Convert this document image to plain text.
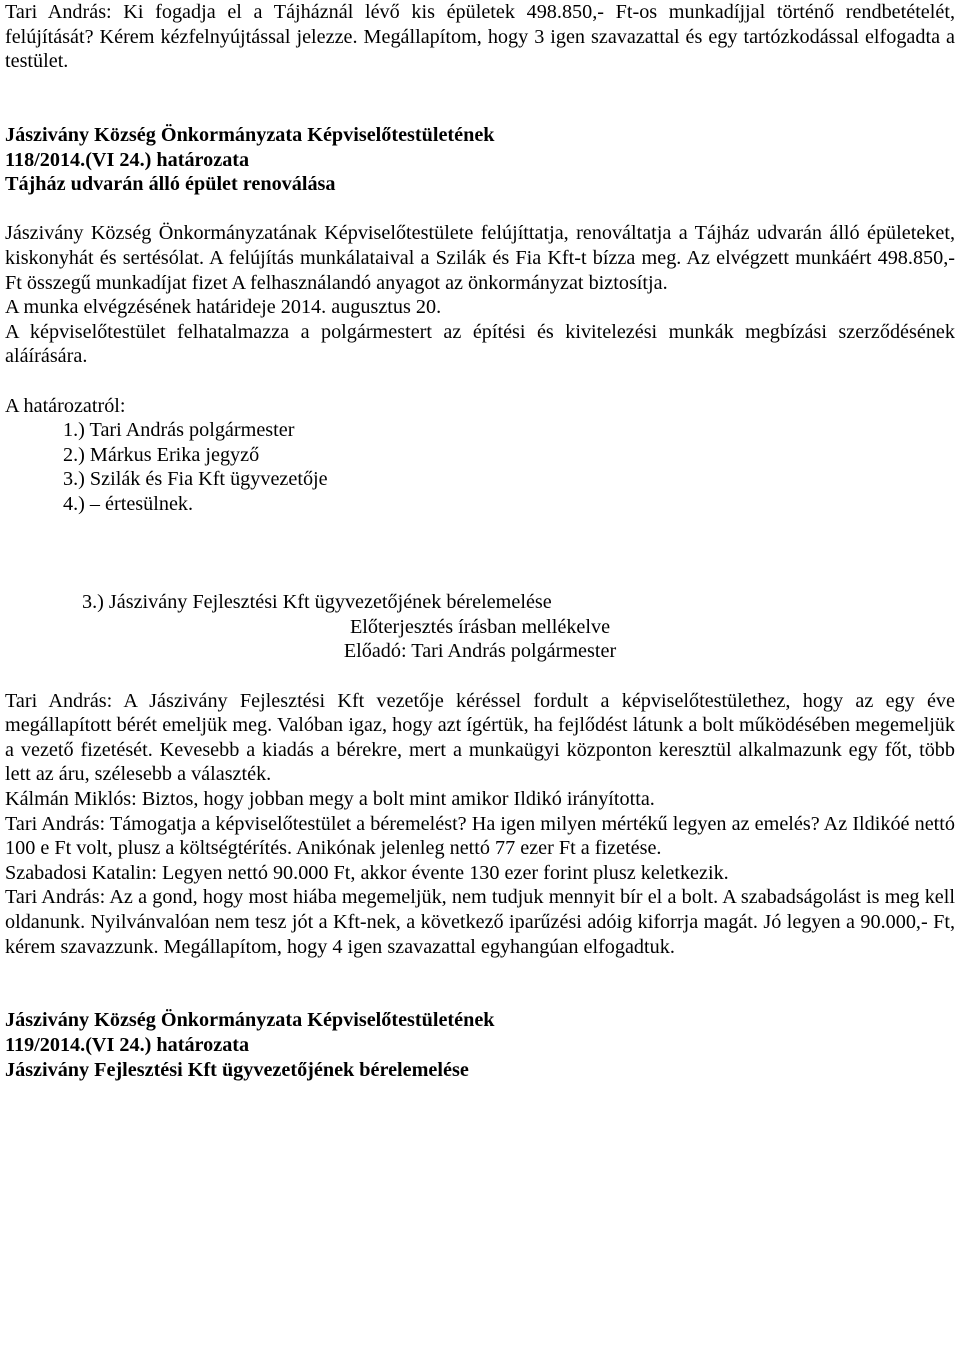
Tari András: Ki fogadja el a Tájháznál lévő kis épületek 498.850,- Ft-os munkadíjjal történő rendbetételét, felújítását? Kérem kézfelnyújtással jelezze. Megállapítom, hogy 3 igen szavazattal és egy tartózkodással elfogadta a testület.

Jászivány Község Önkormányzata Képviselőtestületének

118/2014.(VI 24.) határozata

Tájház udvarán álló épület renoválása

Jászivány Község Önkormányzatának Képviselőtestülete felújíttatja, renováltatja a Tájház udvarán álló épületeket, kiskonyhát és sertésólat. A felújítás munkálataival a Szilák és Fia Kft-t bízza meg. Az elvégzett munkáért 498.850,- Ft összegű munkadíjat fizet A felhasználandó anyagot az önkormányzat biztosítja.

A munka elvégzésének határideje 2014. augusztus 20.

A képviselőtestület felhatalmazza a polgármestert az építési és kivitelezési munkák megbízási szerződésének aláírására.

A határozatról:

1.) Tari András polgármester
2.) Márkus Erika jegyző
3.) Szilák és Fia Kft ügyvezetője
4.) – értesülnek.

3.) Jászivány Fejlesztési Kft ügyvezetőjének bérelemelése

Előterjesztés írásban mellékelve

Előadó: Tari András polgármester

Tari András: A Jászivány Fejlesztési Kft vezetője kéréssel fordult a képviselőtestülethez, hogy az egy éve megállapított bérét emeljük meg. Valóban igaz, hogy azt ígértük, ha fejlődést látunk a bolt működésében megemeljük a vezető fizetését. Kevesebb a kiadás a bérekre, mert a munkaügyi központon keresztül alkalmazunk egy főt, több lett az áru, szélesebb a választék.

Kálmán Miklós: Biztos, hogy jobban megy a bolt mint amikor Ildikó irányította.

Tari András: Támogatja a képviselőtestület a béremelést? Ha igen milyen mértékű legyen az emelés? Az Ildikóé nettó 100 e Ft volt, plusz a költségtérítés. Anikónak jelenleg nettó 77 ezer Ft a fizetése.

Szabadosi Katalin: Legyen nettó 90.000 Ft, akkor évente 130 ezer forint plusz keletkezik.

Tari András: Az a gond, hogy most hiába megemeljük, nem tudjuk mennyit bír el a bolt. A szabadságolást is meg kell oldanunk. Nyilvánvalóan nem tesz jót a Kft-nek, a következő iparűzési adóig kiforrja magát. Jó legyen a 90.000,- Ft, kérem szavazzunk. Megállapítom, hogy 4 igen szavazattal egyhangúan elfogadtuk.

Jászivány Község Önkormányzata Képviselőtestületének

119/2014.(VI 24.) határozata

Jászivány Fejlesztési Kft ügyvezetőjének bérelemelése
